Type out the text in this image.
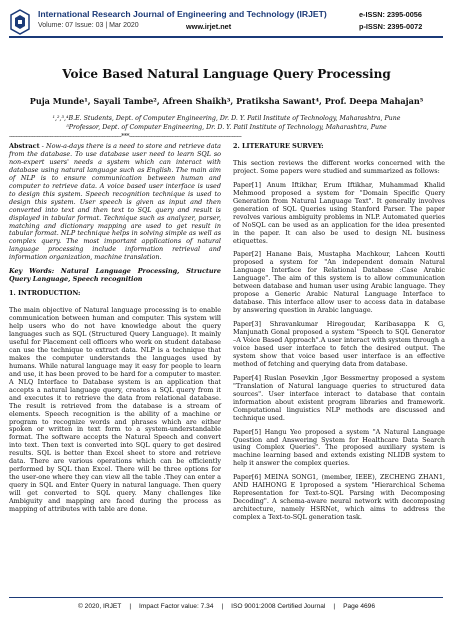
International Research Journal of Engineering and Technology (IRJET)
Volume: 07 Issue: 03 | Mar 2020	www.irjet.net
e-ISSN: 2395-0056
p-ISSN: 2395-0072
Voice Based Natural Language Query Processing
Puja Munde¹, Sayali Tambe², Afreen Shaikh³, Pratiksha Sawant⁴, Prof. Deepa Mahajan⁵
¹,²,³,⁴B.E. Students, Dept. of Computer Engineering, Dr. D. Y. Patil Institute of Technology, Maharashtra, Pune
⁵Professor, Dept. of Computer Engineering, Dr. D. Y. Patil Institute of Technology, Maharashtra, Pune
---------------------------------------------------------------------***---------------------------------------------------------------------

Abstract - Now-a-days there is a need to store and retrieve data from the database. To use database user need to learn SQL so non-expert users' needs a system which can interact with database using natural language such as English. The main aim of NLP is to ensure communication between human and computer to retrieve data. A voice based user interface is used to design this system. Speech recognition technique is used to design this system. User speech is given as input and then converted into text and then text to SQL query and result is displayed in tabular format. Technique such as analyzer, parser, matching and dictionary mapping are used to get result in tabular format. NLP technique helps in solving simple as well as complex query. The most important applications of natural language processing include information retrieval and information organization, machine translation.

Key Words: Natural Language Processing, Structure Query Language, Speech recognition

1. INTRODUCTION:

The main objective of Natural language processing is to enable communication between human and computer. This system will help users who do not have knowledge about the query languages such as SQL (Structured Query Language). It mainly useful for Placement cell officers who work on student database can use the technique to extract data. NLP is a technique that makes the computer understands the languages used by humans. While natural language may it easy for people to learn and use, it has been proved to be hard for a computer to master. A NLQ Interface to Database system is an application that accepts a natural language query, creates a SQL query from it and executes it to retrieve the data from relational database. The result is retrieved from the database is a stream of elements. Speech recognition is the ability of a machine or program to recognize words and phrases which are either spoken or written in text form to a system-understandable format. The software accepts the Natural Speech and convert into text. Then text is converted into SQL query to get desired results. SQL is better than Excel sheet to store and retrieve data. There are various operations which can be efficiently performed by SQL than Excel. There will be three options for the user-one where they can view all the table .They can enter a query in SQL and Enter Query in natural language. Then query will get converted to SQL query. Many challenges like Ambiguity and mapping are faced during the process as mapping of attributes with table are done.

2. LITERATURE SURVEY:

This section reviews the different works concerned with the project. Some papers were studied and summarized as follows:

Paper[1] Anum Iftikhar, Erum Iftikhar, Muhammad Khalid Mehmood proposed a system for "Domain Specific Query Generation from Natural Language Text". It generally involves generation of SQL Queries using Stanford Parser. The paper revolves various ambiguity problems in NLP. Automated queries of NoSQL can be used as an application for the idea presented in the paper. It can also be used to design NL business etiquettes.

Paper[2] Hanane Bais, Mustapha Machkour, Lahcen Koutti proposed a system for "An independent domain Natural Language Interface for Relational Database :Case Arabic Language". The aim of this system is to allow communication between database and human user using Arabic language. They propose a Generic Arabic Natural Language Interface to database. This interface allow user to access data in database by answering question in Arabic language.

Paper[3] Shravankumar Hiregoudar, Karibasappa K G, Manjunath Gonal proposed a system "Speech to SQL Generator –A Voice Based Approach".A user interact with system through a voice based user interface to fetch the desired output. The system show that voice based user interface is an effective method of fetching and querying data from database.

Paper[4] Ruslan Posevkin ,Igor Bessmertny proposed a system "Translation of Natural language queries to structured data sources". User interface interact to database that contain information about existent program libraries and framework. Computational linguistics NLP methods are discussed and technique used.

Paper[5] Hangu Yeo proposed a system "A Natural Language Question and Answering System for Healthcare Data Search using Complex Queries". The proposed auxiliary system is machine learning based and extends existing NLIDB system to help it answer the complex queries.

Paper[6] MEINA SONG1, (member, IEEE), ZECHENG ZHAN1, AND HAIHONG E 1proposed a system "Hierarchical Schema Representation for Text-to-SQL Parsing with Decomposing Decoding". A schema-aware neural network with decomposing architecture, namely HSRNet, which aims to address the complex a Text-to-SQL generation task.

© 2020, IRJET | Impact Factor value: 7.34 | ISO 9001:2008 Certified Journal | Page 4696
